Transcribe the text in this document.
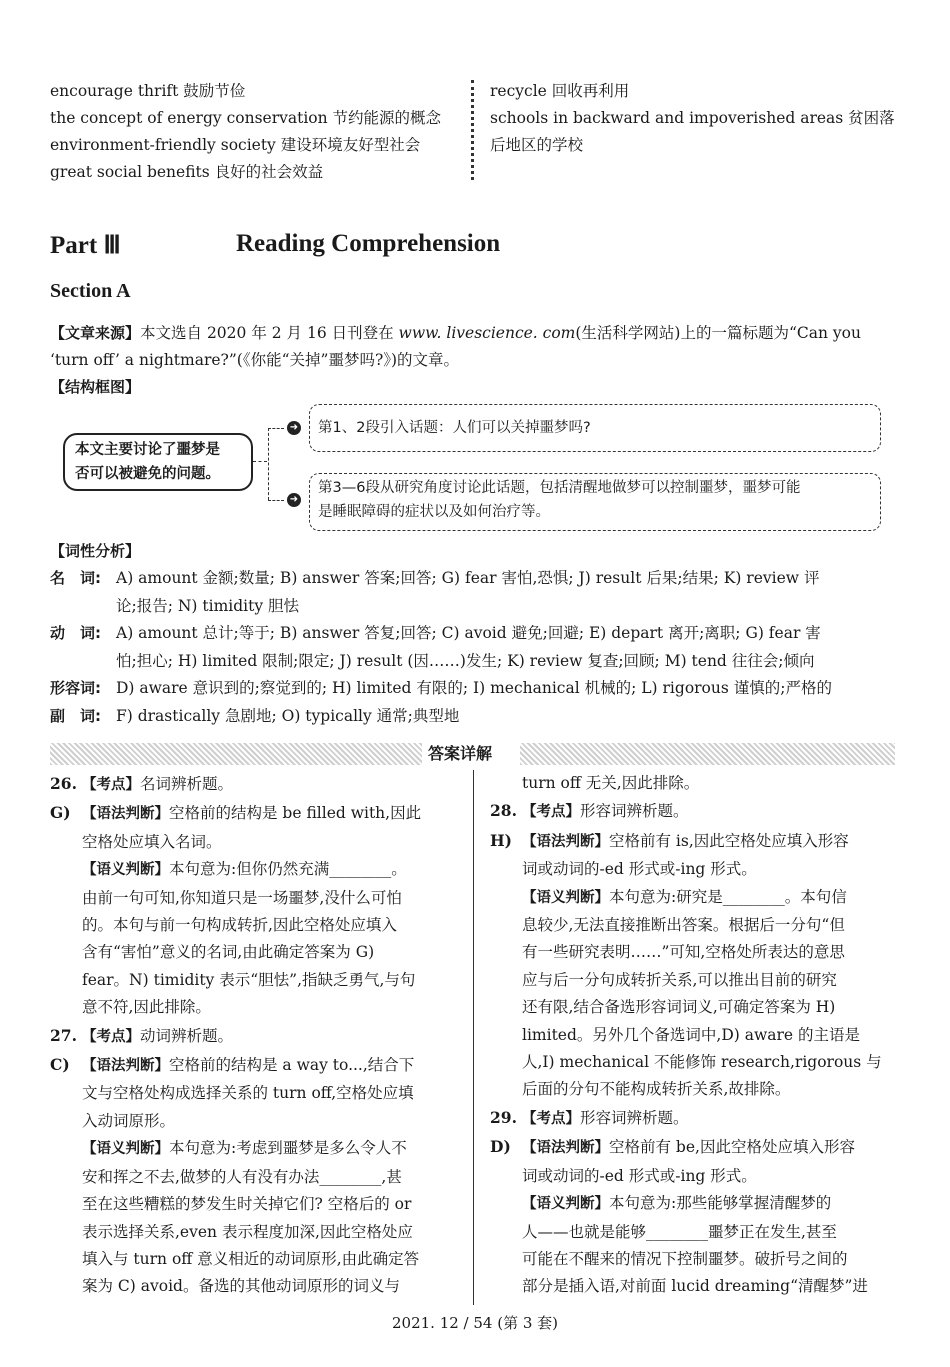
encourage thrift 鼓励节俭
the concept of energy conservation 节约能源的概念
environment-friendly society 建设环境友好型社会
great social benefits 良好的社会效益
recycle 回收再利用
schools in backward and impoverished areas 贫困落
后地区的学校
Part Ⅲ	Reading Comprehension
Section A
【文章来源】本文选自 2020 年 2 月 16 日刊登在 www. livescience. com(生活科学网站)上的一篇标题为“Can you
‘turn off’ a nightmare?”(《你能“关掉”噩梦吗?》)的文章。
【结构框图】
本文主要讨论了噩梦是
否可以被避免的问题。
➜
➜
第1、2段引入话题：人们可以关掉噩梦吗?
第3—6段从研究角度讨论此话题，包括清醒地做梦可以控制噩梦，噩梦可能
是睡眠障碍的症状以及如何治疗等。
【词性分析】
名　词: A) amount 金额;数量; B) answer 答案;回答; G) fear 害怕,恐惧; J) result 后果;结果; K) review 评
论;报告; N) timidity 胆怯
动　词: A) amount 总计;等于; B) answer 答复;回答; C) avoid 避免;回避; E) depart 离开;离职; G) fear 害
怕;担心; H) limited 限制;限定; J) result (因……)发生; K) review 复查;回顾; M) tend 往往会;倾向
形容词: D) aware 意识到的;察觉到的; H) limited 有限的; I) mechanical 机械的; L) rigorous 谨慎的;严格的
副　词: F) drastically 急剧地; O) typically 通常;典型地
答案详解

26. 【考点】名词辨析题。

G) 【语法判断】空格前的结构是 be filled with,因此

空格处应填入名词。

【语义判断】本句意为:但你仍然充满________。

由前一句可知,你知道只是一场噩梦,没什么可怕

的。本句与前一句构成转折,因此空格处应填入

含有“害怕”意义的名词,由此确定答案为 G)

fear。N) timidity 表示“胆怯”,指缺乏勇气,与句

意不符,因此排除。

27. 【考点】动词辨析题。

C) 【语法判断】空格前的结构是 a way to...,结合下

文与空格处构成选择关系的 turn off,空格处应填

入动词原形。

【语义判断】本句意为:考虑到噩梦是多么令人不

安和挥之不去,做梦的人有没有办法________,甚

至在这些糟糕的梦发生时关掉它们? 空格后的 or

表示选择关系,even 表示程度加深,因此空格处应

填入与 turn off 意义相近的动词原形,由此确定答

案为 C) avoid。备选的其他动词原形的词义与

turn off 无关,因此排除。

28. 【考点】形容词辨析题。

H) 【语法判断】空格前有 is,因此空格处应填入形容

词或动词的-ed 形式或-ing 形式。

【语义判断】本句意为:研究是________。本句信

息较少,无法直接推断出答案。根据后一分句“但

有一些研究表明……”可知,空格处所表达的意思

应与后一分句成转折关系,可以推出目前的研究

还有限,结合备选形容词词义,可确定答案为 H)

limited。另外几个备选词中,D) aware 的主语是

人,I) mechanical 不能修饰 research,rigorous 与

后面的分句不能构成转折关系,故排除。

29. 【考点】形容词辨析题。

D) 【语法判断】空格前有 be,因此空格处应填入形容

词或动词的-ed 形式或-ing 形式。

【语义判断】本句意为:那些能够掌握清醒梦的

人——也就是能够________噩梦正在发生,甚至

可能在不醒来的情况下控制噩梦。破折号之间的

部分是插入语,对前面 lucid dreaming“清醒梦”进

2021. 12 / 54 (第 3 套)
